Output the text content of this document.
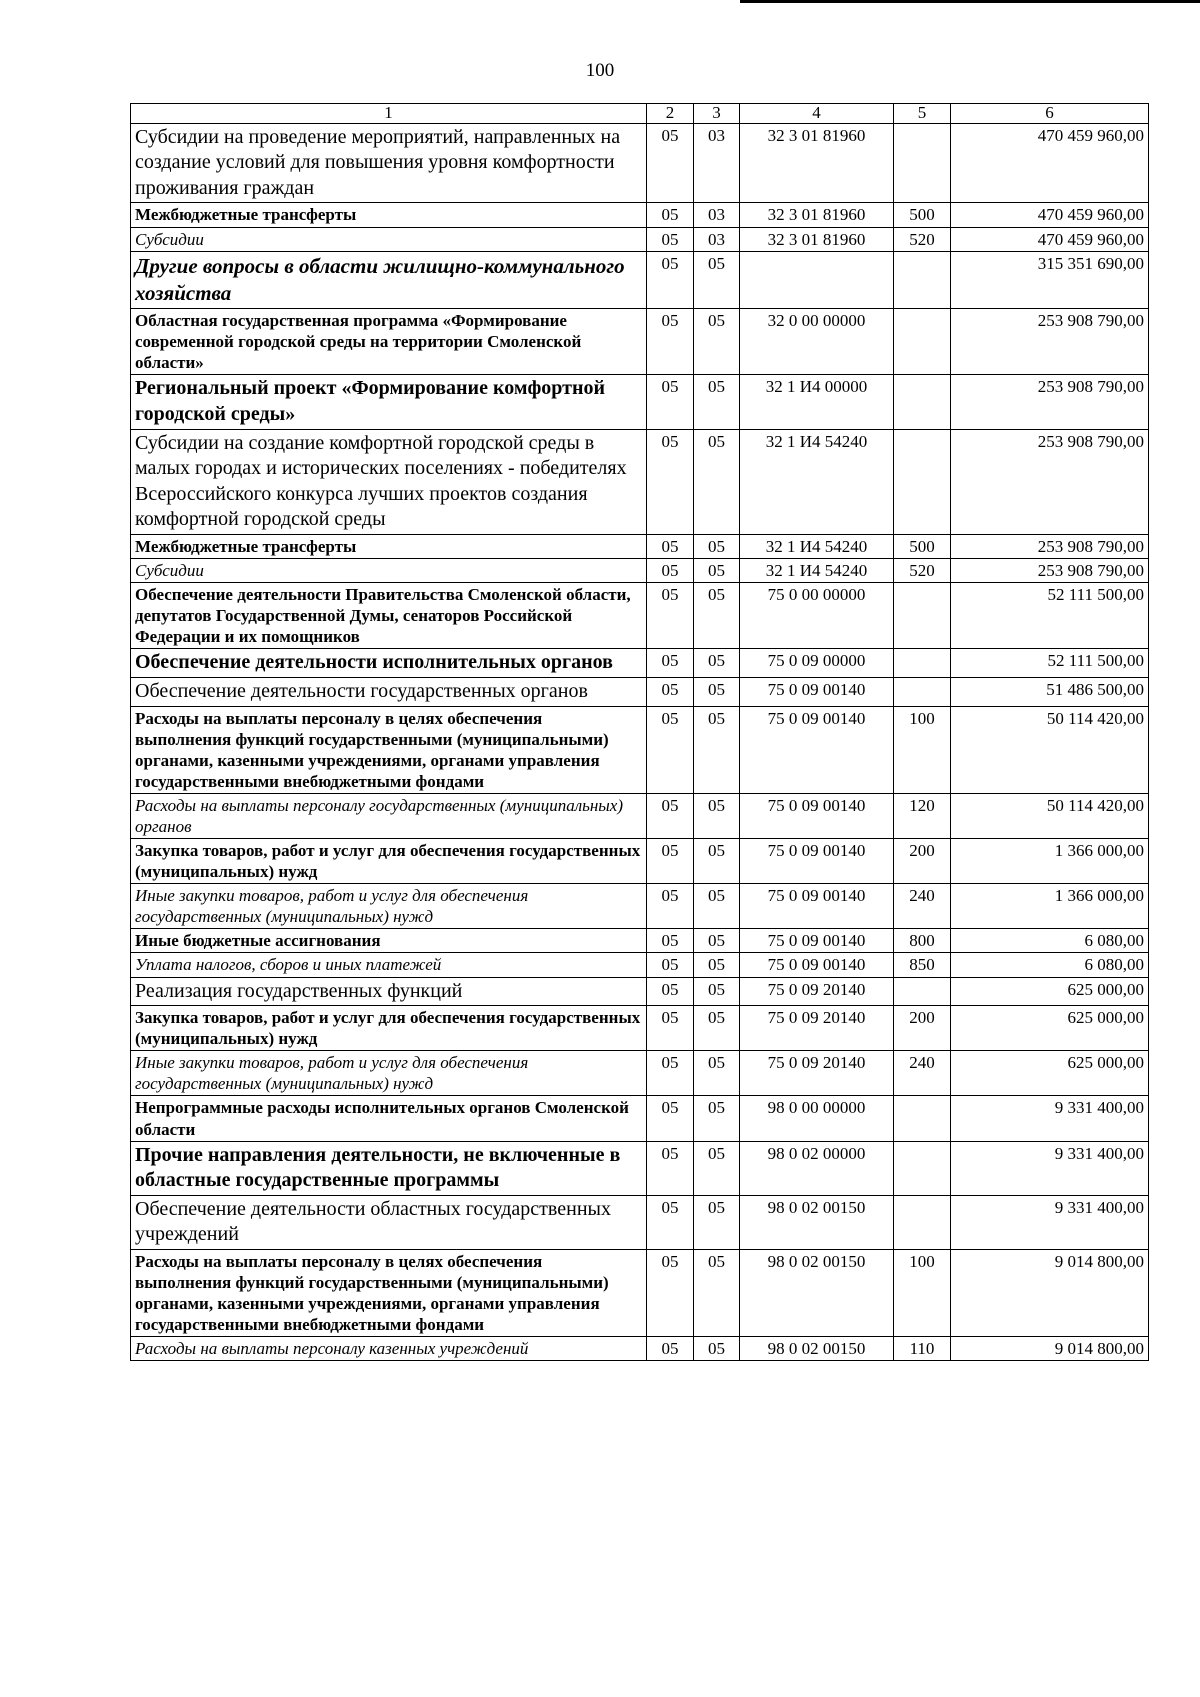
100
1	2	3	4	5	6
Субсидии на проведение мероприятий, направленных на создание условий для повышения уровня комфортности проживания граждан	05	03	32 3 01 81960		470 459 960,00
Межбюджетные трансферты	05	03	32 3 01 81960	500	470 459 960,00
Субсидии	05	03	32 3 01 81960	520	470 459 960,00
Другие вопросы в области жилищно-коммунального хозяйства	05	05			315 351 690,00
Областная государственная программа «Формирование современной городской среды на территории Смоленской области»	05	05	32 0 00 00000		253 908 790,00
Региональный проект «Формирование комфортной городской среды»	05	05	32 1 И4 00000		253 908 790,00
Субсидии на создание комфортной городской среды в малых городах и исторических поселениях - победителях Всероссийского конкурса лучших проектов создания комфортной городской среды	05	05	32 1 И4 54240		253 908 790,00
Межбюджетные трансферты	05	05	32 1 И4 54240	500	253 908 790,00
Субсидии	05	05	32 1 И4 54240	520	253 908 790,00
Обеспечение деятельности Правительства Смоленской области, депутатов Государственной Думы, сенаторов Российской Федерации и их помощников	05	05	75 0 00 00000		52 111 500,00
Обеспечение деятельности исполнительных органов	05	05	75 0 09 00000		52 111 500,00
Обеспечение деятельности государственных органов	05	05	75 0 09 00140		51 486 500,00
Расходы на выплаты персоналу в целях обеспечения выполнения функций государственными (муниципальными) органами, казенными учреждениями, органами управления государственными внебюджетными фондами	05	05	75 0 09 00140	100	50 114 420,00
Расходы на выплаты персоналу государственных (муниципальных) органов	05	05	75 0 09 00140	120	50 114 420,00
Закупка товаров, работ и услуг для обеспечения государственных (муниципальных) нужд	05	05	75 0 09 00140	200	1 366 000,00
Иные закупки товаров, работ и услуг для обеспечения государственных (муниципальных) нужд	05	05	75 0 09 00140	240	1 366 000,00
Иные бюджетные ассигнования	05	05	75 0 09 00140	800	6 080,00
Уплата налогов, сборов и иных платежей	05	05	75 0 09 00140	850	6 080,00
Реализация государственных функций	05	05	75 0 09 20140		625 000,00
Закупка товаров, работ и услуг для обеспечения государственных (муниципальных) нужд	05	05	75 0 09 20140	200	625 000,00
Иные закупки товаров, работ и услуг для обеспечения государственных (муниципальных) нужд	05	05	75 0 09 20140	240	625 000,00
Непрограммные расходы исполнительных органов Смоленской области	05	05	98 0 00 00000		9 331 400,00
Прочие направления деятельности, не включенные в областные государственные программы	05	05	98 0 02 00000		9 331 400,00
Обеспечение деятельности областных государственных учреждений	05	05	98 0 02 00150		9 331 400,00
Расходы на выплаты персоналу в целях обеспечения выполнения функций государственными (муниципальными) органами, казенными учреждениями, органами управления государственными внебюджетными фондами	05	05	98 0 02 00150	100	9 014 800,00
Расходы на выплаты персоналу казенных учреждений	05	05	98 0 02 00150	110	9 014 800,00
